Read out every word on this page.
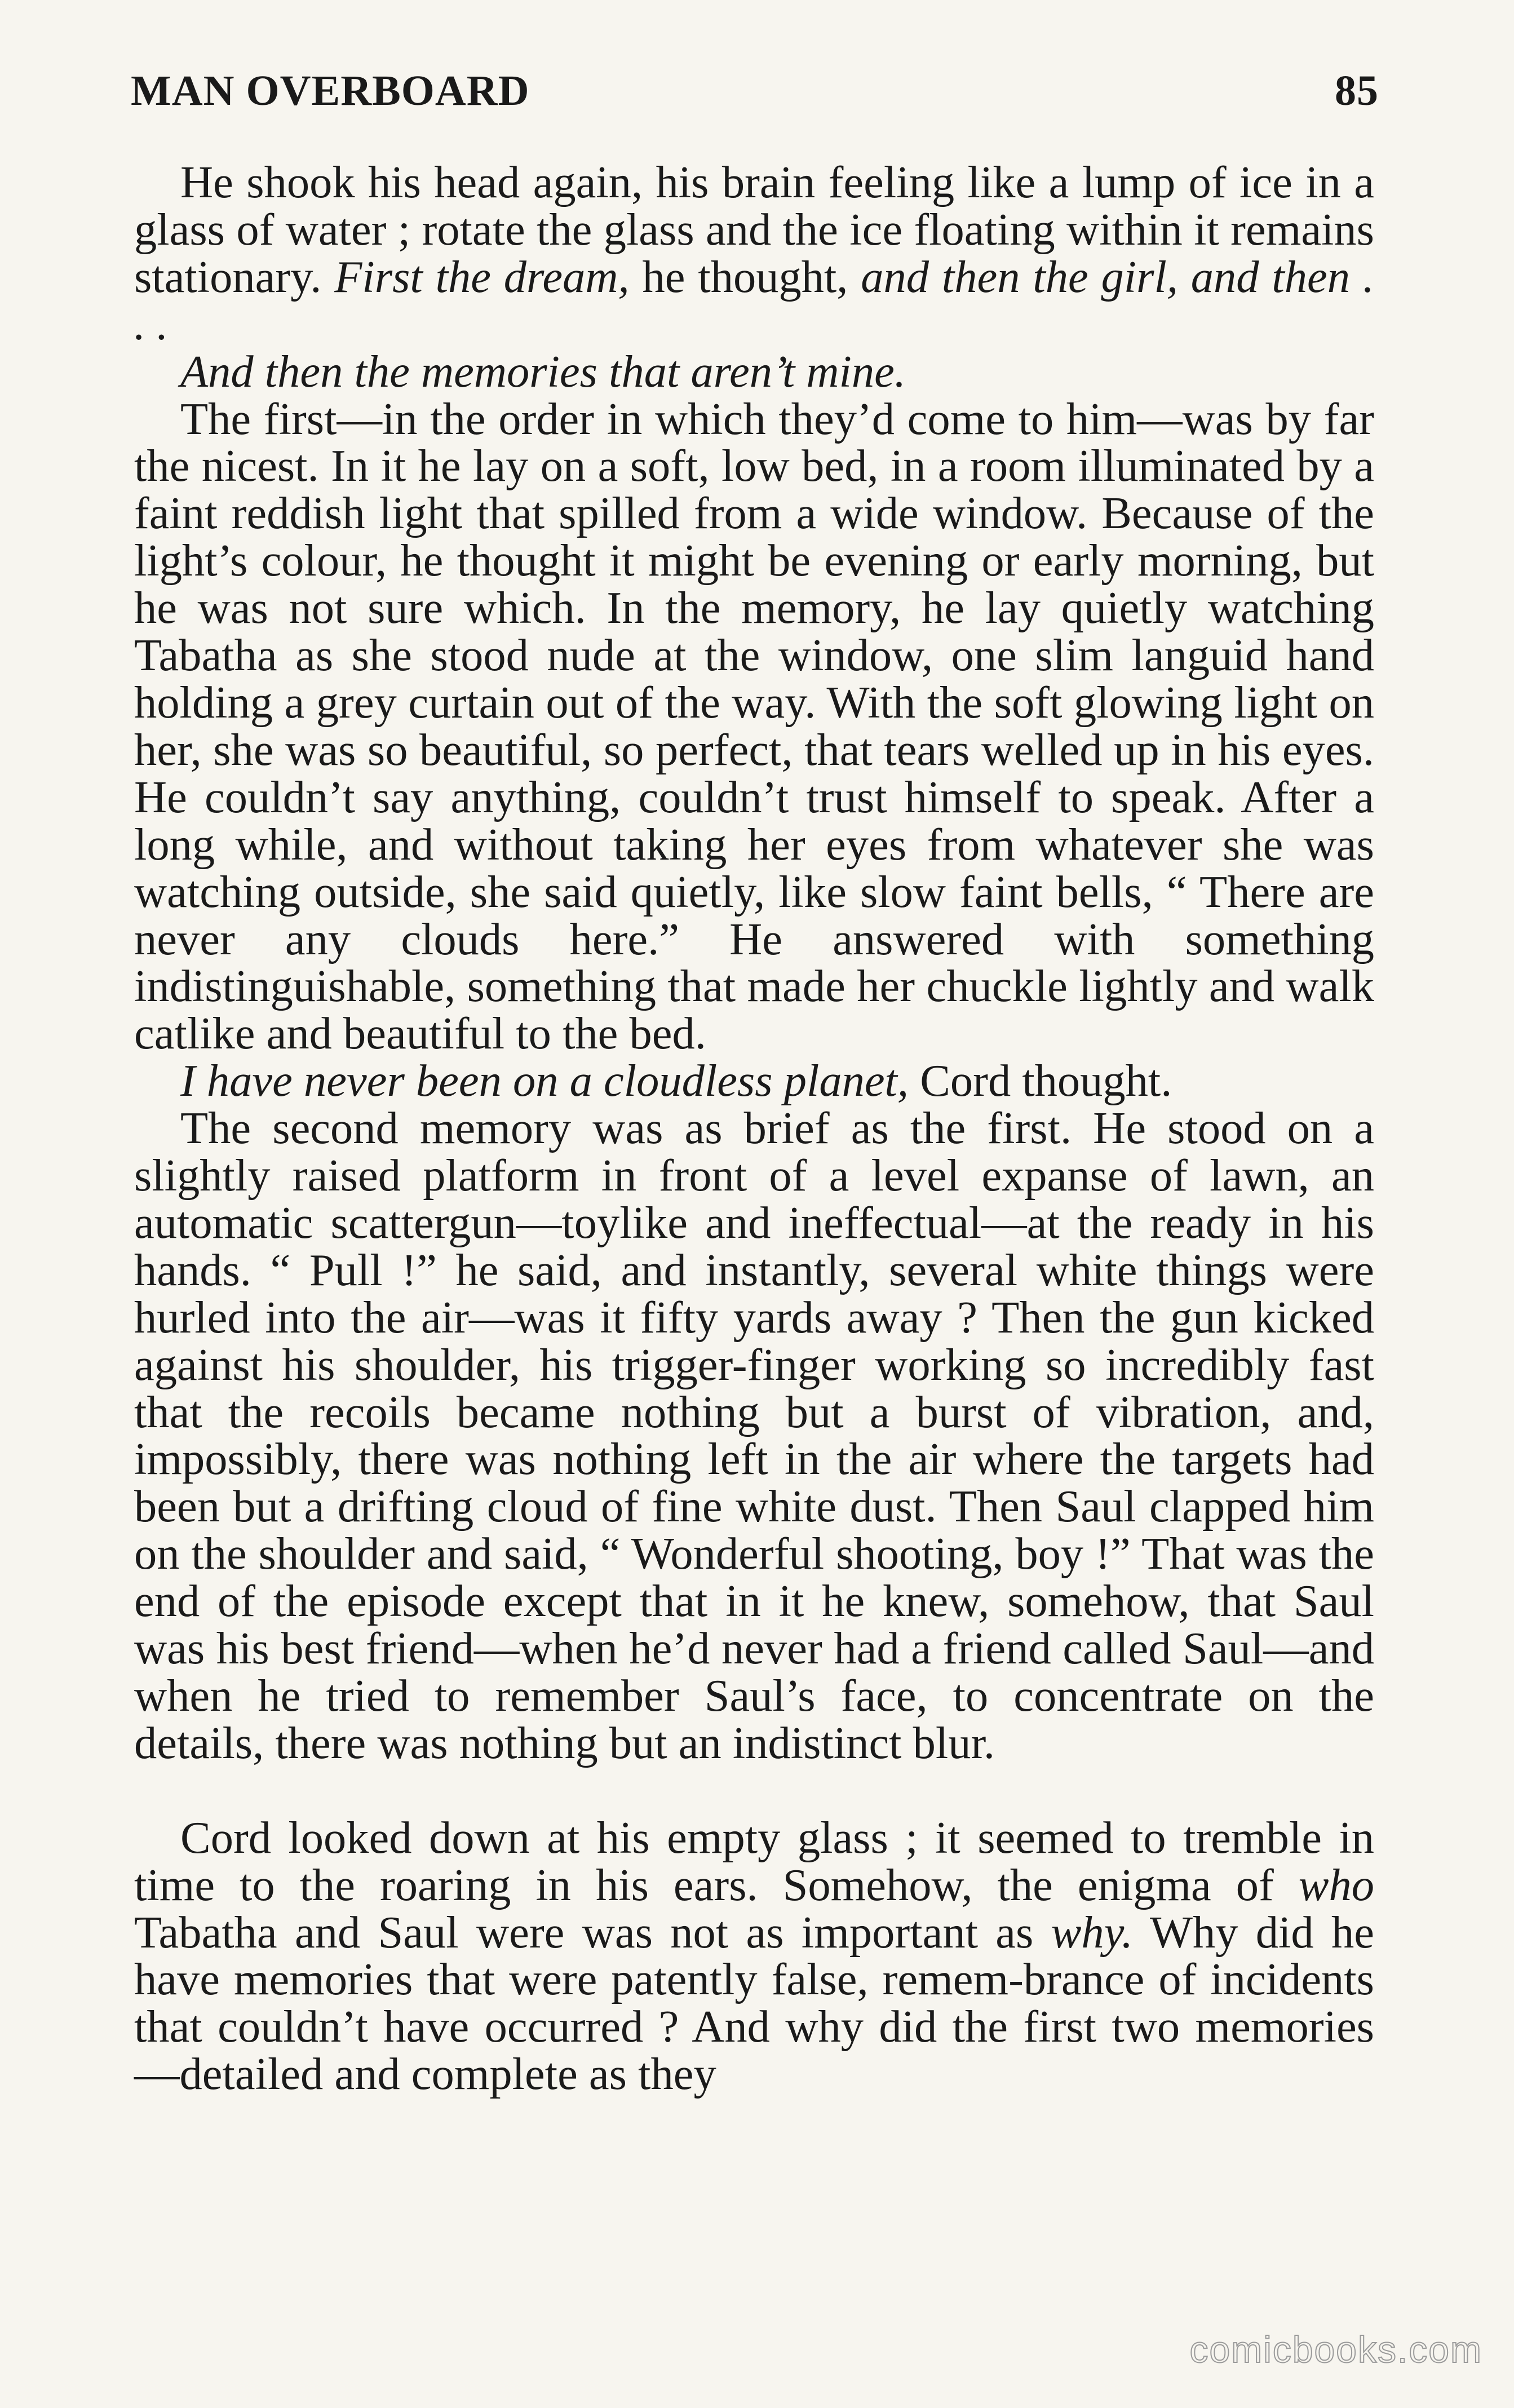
MAN OVERBOARD	85

He shook his head again, his brain feeling like a lump of ice in a glass of water ; rotate the glass and the ice floating within it remains stationary. First the dream, he thought, and then the girl, and then . . .

And then the memories that aren’t mine.

The first—in the order in which they’d come to him—was by far the nicest. In it he lay on a soft, low bed, in a room illuminated by a faint reddish light that spilled from a wide window. Because of the light’s colour, he thought it might be evening or early morning, but he was not sure which. In the memory, he lay quietly watching Tabatha as she stood nude at the window, one slim languid hand holding a grey curtain out of the way. With the soft glowing light on her, she was so beautiful, so perfect, that tears welled up in his eyes. He couldn’t say anything, couldn’t trust himself to speak. After a long while, and without taking her eyes from whatever she was watching outside, she said quietly, like slow faint bells, “ There are never any clouds here.” He answered with something indistinguishable, something that made her chuckle lightly and walk catlike and beautiful to the bed.

I have never been on a cloudless planet, Cord thought.

The second memory was as brief as the first. He stood on a slightly raised platform in front of a level expanse of lawn, an automatic scattergun—toylike and ineffectual—at the ready in his hands. “ Pull !” he said, and instantly, several white things were hurled into the air—was it fifty yards away ? Then the gun kicked against his shoulder, his trigger-finger working so incredibly fast that the recoils became nothing but a burst of vibration, and, impossibly, there was nothing left in the air where the targets had been but a drifting cloud of fine white dust. Then Saul clapped him on the shoulder and said, “ Wonderful shooting, boy !” That was the end of the episode except that in it he knew, somehow, that Saul was his best friend—when he’d never had a friend called Saul—and when he tried to remember Saul’s face, to concentrate on the details, there was nothing but an indistinct blur.

Cord looked down at his empty glass ; it seemed to tremble in time to the roaring in his ears. Somehow, the enigma of who Tabatha and Saul were was not as important as why. Why did he have memories that were patently false, remem-brance of incidents that couldn’t have occurred ? And why did the first two memories—detailed and complete as they

comicbooks.com
